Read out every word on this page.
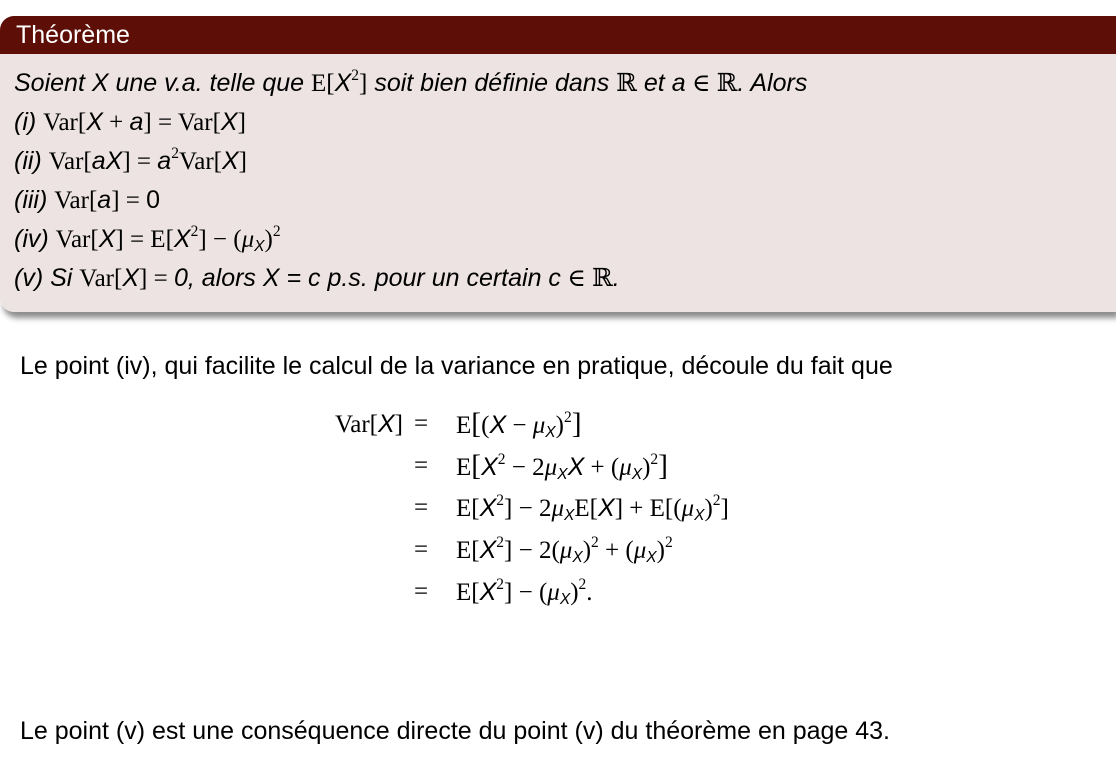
Théorème
Soient X une v.a. telle que $E[X^2]$ soit bien définie dans ℝ et a ∈ ℝ. Alors
(i) Var[X + a] = Var[X]
(ii) $Var[aX] = a^2Var[X]$
(iii) Var[a] = 0
(iv) $Var[X] = E[X^2] - (\mu_X)^2$
(v) Si Var[X] = 0, alors X = c p.s. pour un certain c ∈ ℝ.
Le point (iv), qui facilite le calcul de la variance en pratique, découle du fait que
$Var[X] = E[(X - \mu_X)^2]$
= $E[X^2 - 2\mu_XX + (\mu_X)^2]$
= $E[X^2] - 2\mu_XE[X] + E[(\mu_X)^2]$
= $E[X^2] - 2(\mu_X)^2 + (\mu_X)^2$
= $E[X^2] - (\mu_X)^2$.
Le point (v) est une conséquence directe du point (v) du théorème en page 43.
